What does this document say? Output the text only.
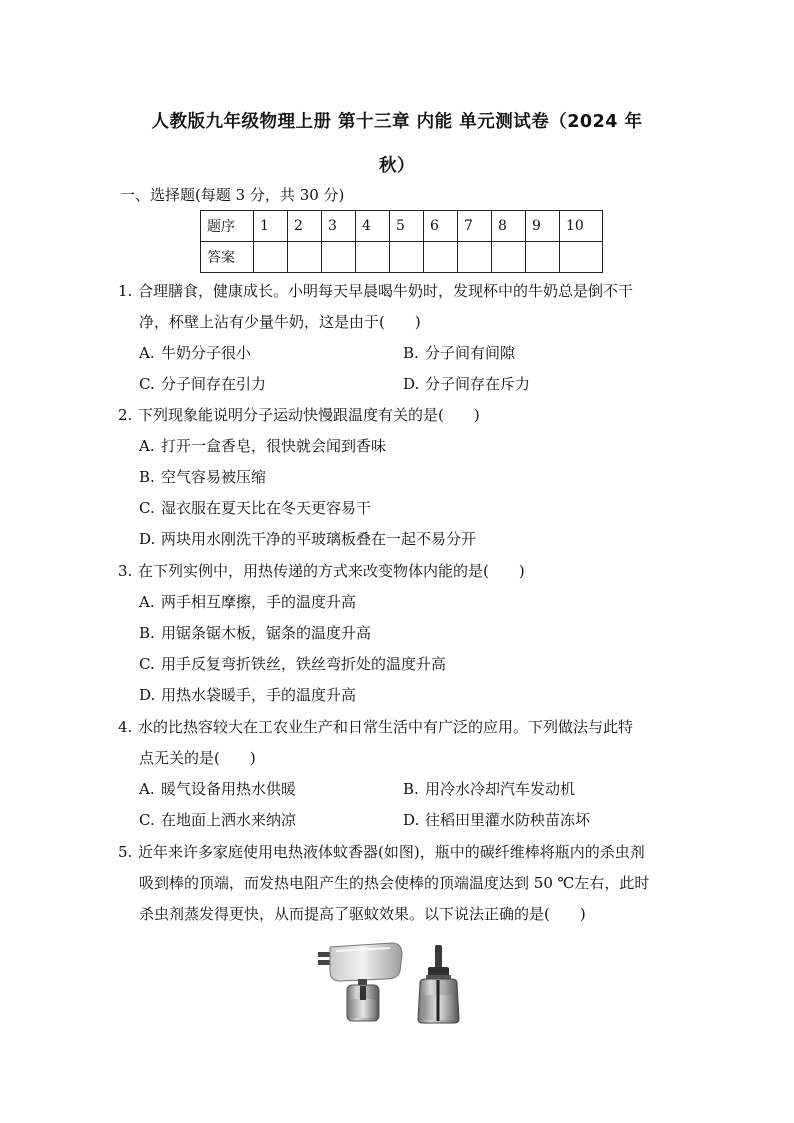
人教版九年级物理上册 第十三章 内能 单元测试卷（2024 年
秋）
一、选择题(每题 3 分，共 30 分)
题序	1	2	3	4	5	6	7	8	9	10
答案										
1. 合理膳食，健康成长。小明每天早晨喝牛奶时，发现杯中的牛奶总是倒不干
净，杯壁上沾有少量牛奶，这是由于(　　)
A. 牛奶分子很小	B. 分子间有间隙
C. 分子间存在引力	D. 分子间存在斥力
2. 下列现象能说明分子运动快慢跟温度有关的是(　　)
A. 打开一盒香皂，很快就会闻到香味
B. 空气容易被压缩
C. 湿衣服在夏天比在冬天更容易干
D. 两块用水刚洗干净的平玻璃板叠在一起不易分开
3. 在下列实例中，用热传递的方式来改变物体内能的是(　　)
A. 两手相互摩擦，手的温度升高
B. 用锯条锯木板，锯条的温度升高
C. 用手反复弯折铁丝，铁丝弯折处的温度升高
D. 用热水袋暖手，手的温度升高
4. 水的比热容较大在工农业生产和日常生活中有广泛的应用。下列做法与此特
点无关的是(　　)
A. 暖气设备用热水供暖	B. 用冷水冷却汽车发动机
C. 在地面上洒水来纳凉	D. 往稻田里灌水防秧苗冻坏
5. 近年来许多家庭使用电热液体蚊香器(如图)，瓶中的碳纤维棒将瓶内的杀虫剂
吸到棒的顶端，而发热电阻产生的热会使棒的顶端温度达到 50 ℃左右，此时
杀虫剂蒸发得更快，从而提高了驱蚊效果。以下说法正确的是(　　)
